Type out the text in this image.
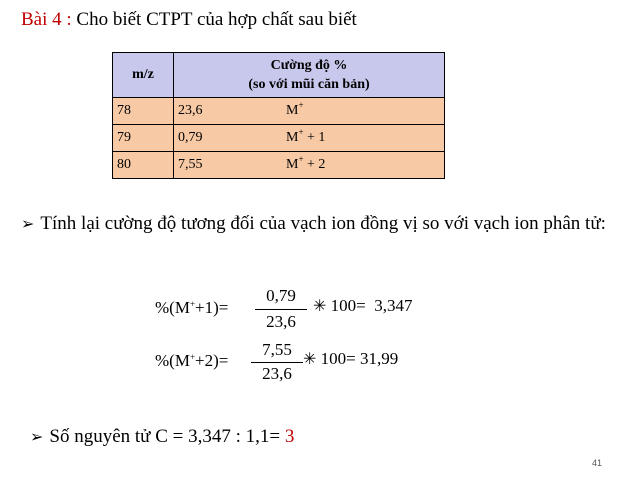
Bài 4 : Cho biết CTPT của hợp chất sau biết
m/z	Cường độ %
(so với mũi căn bản)

78	23,6 M+
79	0,79 M+ + 1
80	7,55 M+ + 2
➢ Tính lại cường độ tương đối của vạch ion đồng vị so với vạch ion phân tử:
%(M++1)=
0,79
23,6
✳ 100=  3,347
%(M++2)=
7,55
23,6
✳ 100= 31,99
➢ Số nguyên tử C = 3,347 : 1,1= 3
41
